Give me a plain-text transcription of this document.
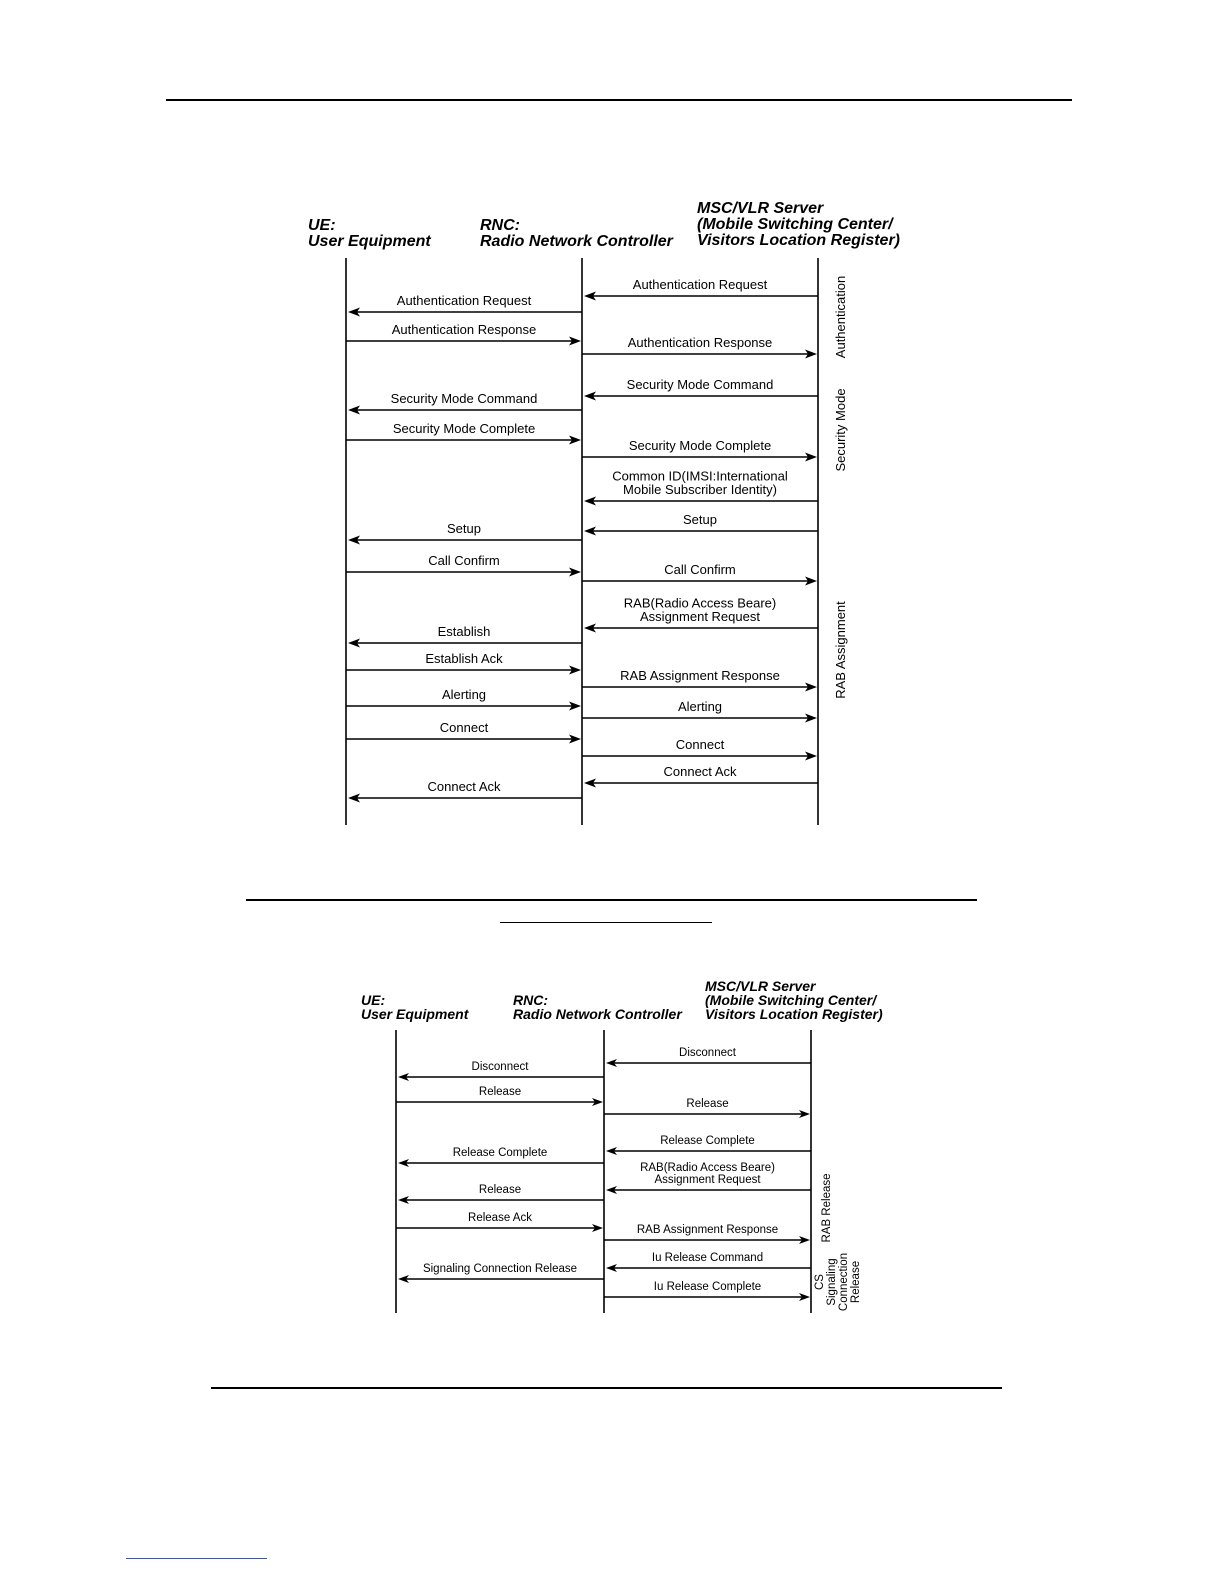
UE:
User Equipment
RNC:
Radio Network Controller
MSC/VLR Server
(Mobile Switching Center/
Visitors Location Register)
UE:
User Equipment
RNC:
Radio Network Controller
MSC/VLR Server
(Mobile Switching Center/
Visitors Location Register)
Authentication Request
Authentication Request
Authentication Response
Authentication Response
Security Mode Command
Security Mode Command
Security Mode Complete
Security Mode Complete
Common ID(IMSI:International
Mobile Subscriber Identity)
Setup
Setup
Call Confirm
Call Confirm
RAB(Radio Access Beare)
Assignment Request
Establish
Establish Ack
RAB Assignment Response
Alerting
Alerting
Connect
Connect
Connect Ack
Connect Ack
Authentication
Security Mode
RAB Assignment
Disconnect
Disconnect
Release
Release
Release Complete
Release Complete
RAB(Radio Access Beare)
Assignment Request
Release
Release Ack
RAB Assignment Response
Iu Release Command
Signaling Connection Release
Iu Release Complete
RAB Release
CS Signaling Connection Release
